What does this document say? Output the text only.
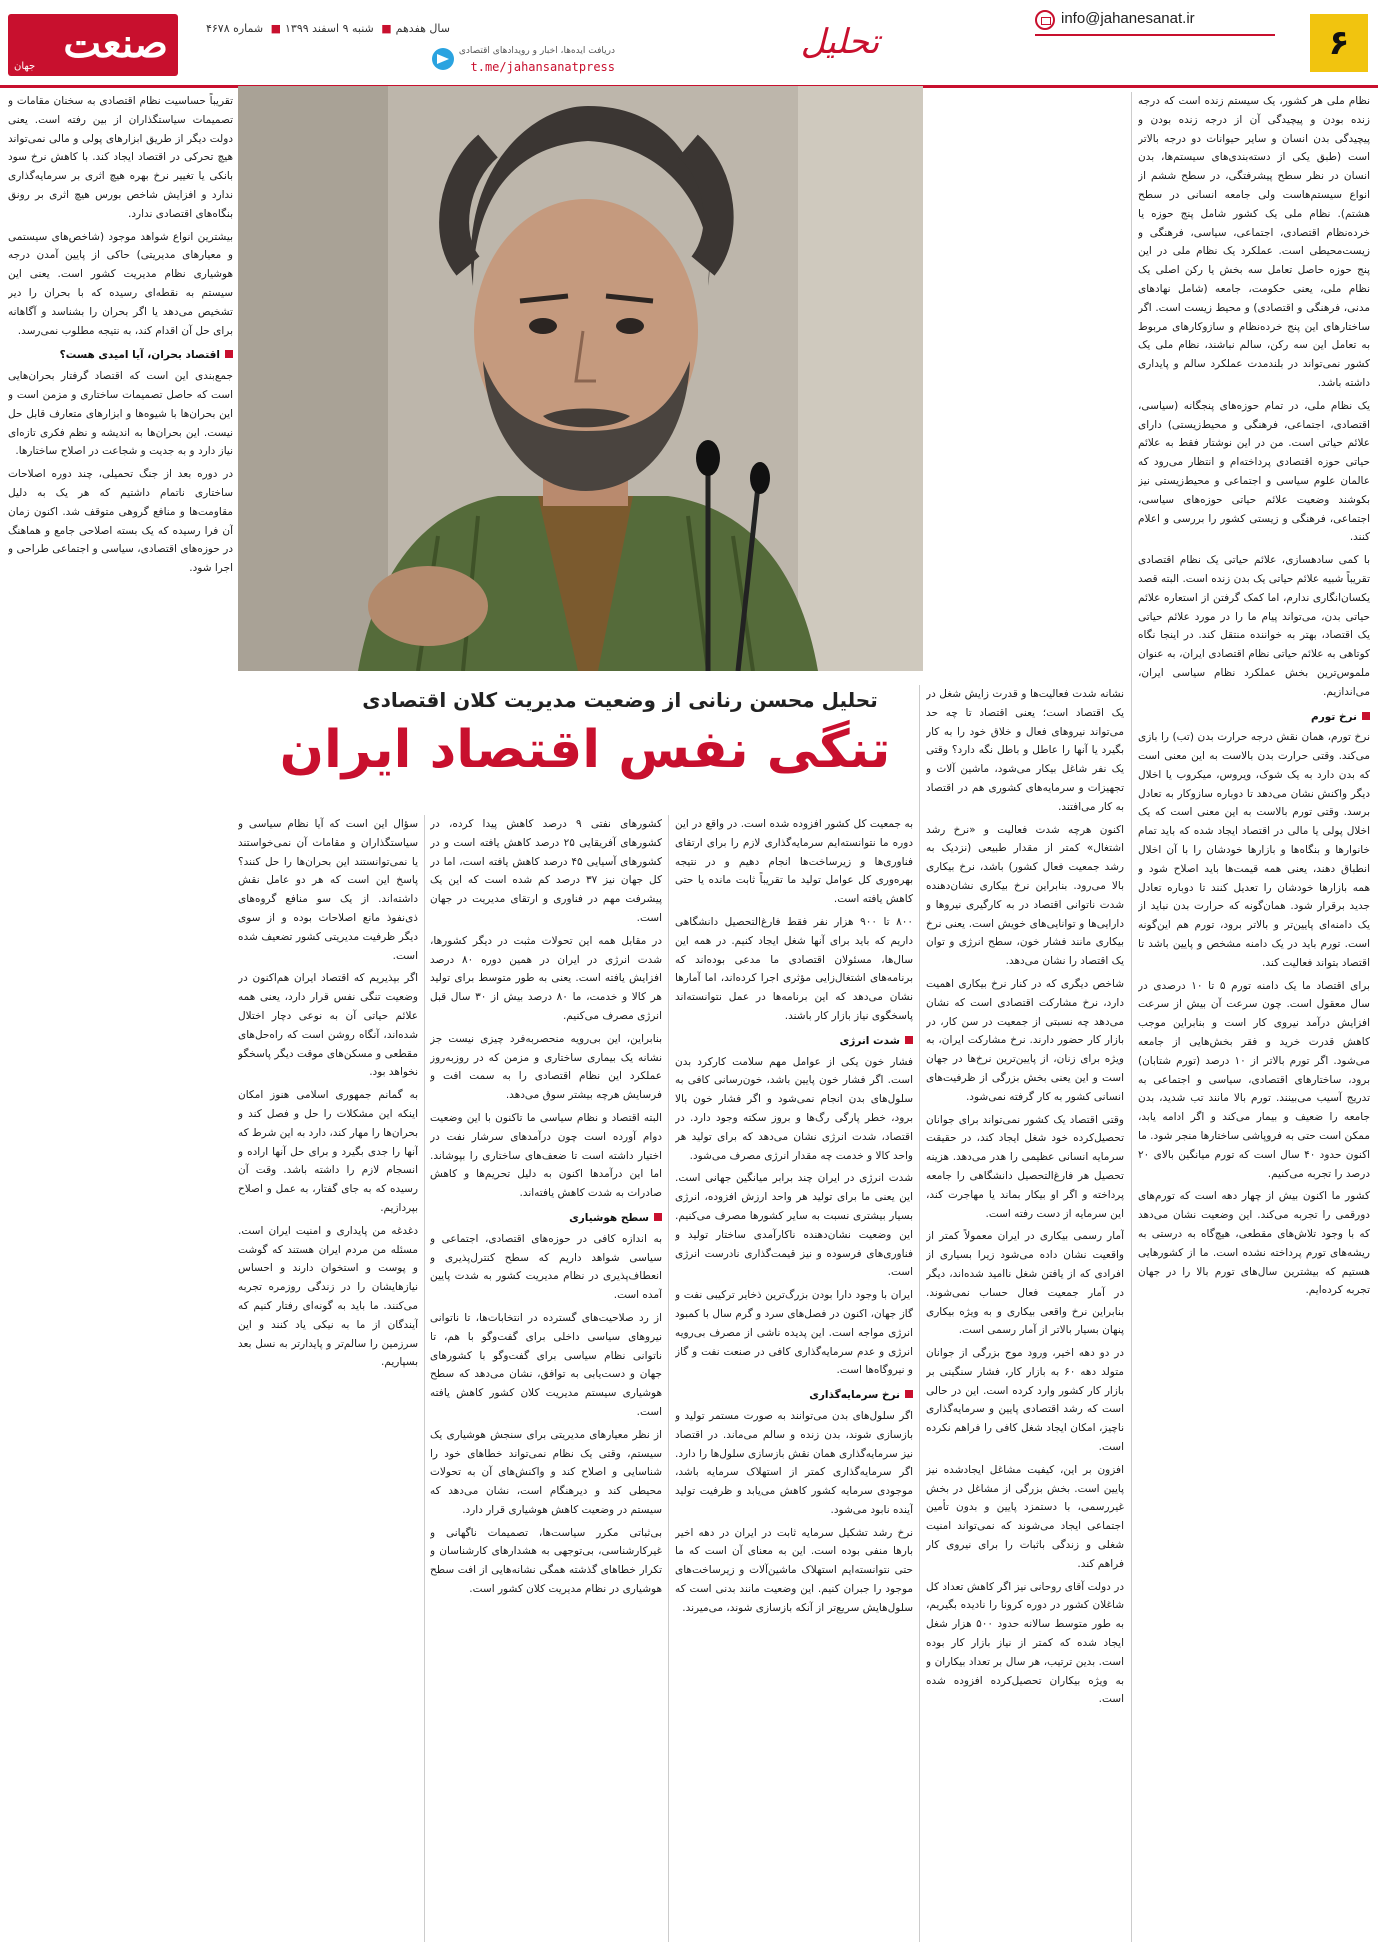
صنعت
جهان
سال هفدهم■ شنبه ۹ اسفند ۱۳۹۹■ شماره ۴۶۷۸
دریافت ایده‌ها، اخبار و رویدادهای اقتصادی
t.me/jahansanatpress
تحلیل
info@jahanesanat.ir
۶
تحلیل محسن رنانی از وضعیت مدیریت کلان اقتصادی
تنگی نفس اقتصاد ایران

نظام ملی هر کشور، یک سیستم زنده است که درجه زنده بودن و پیچیدگی آن از درجه زنده بودن و پیچیدگی بدن انسان و سایر حیوانات دو درجه بالاتر است (طبق یکی از دسته‌بندی‌های سیستم‌ها، بدن انسان در نظر سطح پیشرفتگی، در سطح ششم از انواع سیستم‌هاست ولی جامعه انسانی در سطح هشتم). نظام ملی یک کشور شامل پنج حوزه یا خرده‌نظام اقتصادی، اجتماعی، سیاسی، فرهنگی و زیست‌محیطی است. عملکرد یک نظام ملی در این پنج حوزه حاصل تعامل سه بخش یا رکن اصلی یک نظام ملی، یعنی حکومت، جامعه (شامل نهادهای مدنی، فرهنگی و اقتصادی) و محیط زیست است. اگر ساختارهای این پنج خرده‌نظام و سازوکارهای مربوط به تعامل این سه رکن، سالم نباشند، نظام ملی یک کشور نمی‌تواند در بلندمدت عملکرد سالم و پایداری داشته باشد.

یک نظام ملی، در تمام حوزه‌های پنجگانه (سیاسی، اقتصادی، اجتماعی، فرهنگی و محیط‌زیستی) دارای علائم حیاتی است. من در این نوشتار فقط به علائم حیاتی حوزه اقتصادی پرداخته‌ام و انتظار می‌رود که عالمان علوم سیاسی و اجتماعی و محیط‌زیستی نیز بکوشند وضعیت علائم حیاتی حوزه‌های سیاسی، اجتماعی، فرهنگی و زیستی کشور را بررسی و اعلام کنند.

با کمی سادهسازی، علائم حیاتی یک نظام اقتصادی تقریباً شبیه علائم حیاتی یک بدن زنده است. البته قصد یکسان‌انگاری ندارم، اما کمک گرفتن از استعاره علائم حیاتی بدن، می‌تواند پیام ما را در مورد علائم حیاتی یک اقتصاد، بهتر به خواننده منتقل کند. در اینجا نگاه کوتاهی به علائم حیاتی نظام اقتصادی ایران، به عنوان ملموس‌ترین بخش عملکرد نظام سیاسی ایران، می‌اندازیم.

نرخ تورم

نرخ تورم، همان نقش درجه حرارت بدن (تب) را بازی می‌کند. وقتی حرارت بدن بالاست به این معنی است که بدن دارد به یک شوک، ویروس، میکروب یا اخلال دیگر واکنش نشان می‌دهد تا دوباره سازوکار به تعادل برسد. وقتی تورم بالاست به این معنی است که یک اخلال پولی یا مالی در اقتصاد ایجاد شده که باید تمام خانوارها و بنگاه‌ها و بازارها خودشان را با آن اخلال انطباق دهند، یعنی همه قیمت‌ها باید اصلاح شود و همه بازارها خودشان را تعدیل کنند تا دوباره تعادل جدید برقرار شود. همان‌گونه که حرارت بدن نباید از یک دامنه‌ای پایین‌تر و بالاتر برود، تورم هم این‌گونه است. تورم باید در یک دامنه مشخص و پایین باشد تا اقتصاد بتواند فعالیت کند.

برای اقتصاد ما یک دامنه تورم ۵ تا ۱۰ درصدی در سال معقول است. چون سرعت آن بیش از سرعت افزایش درآمد نیروی کار است و بنابراین موجب کاهش قدرت خرید و فقر بخش‌هایی از جامعه می‌شود. اگر تورم بالاتر از ۱۰ درصد (تورم شتابان) برود، ساختارهای اقتصادی، سیاسی و اجتماعی به تدریج آسیب می‌بینند. تورم بالا مانند تب شدید، بدن جامعه را ضعیف و بیمار می‌کند و اگر ادامه یابد، ممکن است حتی به فروپاشی ساختارها منجر شود. ما اکنون حدود ۴۰ سال است که تورم میانگین بالای ۲۰ درصد را تجربه می‌کنیم.

کشور ما اکنون بیش از چهار دهه است که تورم‌های دورقمی را تجربه می‌کند. این وضعیت نشان می‌دهد که با وجود تلاش‌های مقطعی، هیچ‌گاه به درستی به ریشه‌های تورم پرداخته نشده است. ما از کشورهایی هستیم که بیشترین سال‌های تورم بالا را در جهان تجربه کرده‌ایم.

نشانه شدت فعالیت‌ها و قدرت زایش شغل در یک اقتصاد است؛ یعنی اقتصاد تا چه حد می‌تواند نیروهای فعال و خلاق خود را به کار بگیرد یا آنها را عاطل و باطل نگه دارد؟ وقتی یک نفر شاغل بیکار می‌شود، ماشین آلات و تجهیزات و سرمایه‌های کشوری هم در اقتصاد به کار می‌افتند.

اکنون هرچه شدت فعالیت و «نرخ رشد اشتغال» کمتر از مقدار طبیعی (نزدیک به رشد جمعیت فعال کشور) باشد، نرخ بیکاری بالا می‌رود. بنابراین نرخ بیکاری نشان‌دهنده شدت ناتوانی اقتصاد در به کارگیری نیروها و دارایی‌ها و توانایی‌های خویش است. یعنی نرخ بیکاری مانند فشار خون، سطح انرژی و توان یک اقتصاد را نشان می‌دهد.

شاخص دیگری که در کنار نرخ بیکاری اهمیت دارد، نرخ مشارکت اقتصادی است که نشان می‌دهد چه نسبتی از جمعیت در سن کار، در بازار کار حضور دارند. نرخ مشارکت ایران، به ویژه برای زنان، از پایین‌ترین نرخ‌ها در جهان است و این یعنی بخش بزرگی از ظرفیت‌های انسانی کشور به کار گرفته نمی‌شود.

وقتی اقتصاد یک کشور نمی‌تواند برای جوانان تحصیل‌کرده خود شغل ایجاد کند، در حقیقت سرمایه انسانی عظیمی را هدر می‌دهد. هزینه تحصیل هر فارغ‌التحصیل دانشگاهی را جامعه پرداخته و اگر او بیکار بماند یا مهاجرت کند، این سرمایه از دست رفته است.

آمار رسمی بیکاری در ایران معمولاً کمتر از واقعیت نشان داده می‌شود زیرا بسیاری از افرادی که از یافتن شغل ناامید شده‌اند، دیگر در آمار جمعیت فعال حساب نمی‌شوند. بنابراین نرخ واقعی بیکاری و به ویژه بیکاری پنهان بسیار بالاتر از آمار رسمی است.

در دو دهه اخیر، ورود موج بزرگی از جوانان متولد دهه ۶۰ به بازار کار، فشار سنگینی بر بازار کار کشور وارد کرده است. این در حالی است که رشد اقتصادی پایین و سرمایه‌گذاری ناچیز، امکان ایجاد شغل کافی را فراهم نکرده است.

افزون بر این، کیفیت مشاغل ایجادشده نیز پایین است. بخش بزرگی از مشاغل در بخش غیررسمی، با دستمزد پایین و بدون تأمین اجتماعی ایجاد می‌شوند که نمی‌تواند امنیت شغلی و زندگی باثبات را برای نیروی کار فراهم کند.

در دولت آقای روحانی نیز اگر کاهش تعداد کل شاغلان کشور در دوره کرونا را نادیده بگیریم، به طور متوسط سالانه حدود ۵۰۰ هزار شغل ایجاد شده که کمتر از نیاز بازار کار بوده است. بدین ترتیب، هر سال بر تعداد بیکاران و به ویژه بیکاران تحصیل‌کرده افزوده شده است.

به جمعیت کل کشور افزوده شده است. در واقع در این دوره ما نتوانسته‌ایم سرمایه‌گذاری لازم را برای ارتقای فناوری‌ها و زیرساخت‌ها انجام دهیم و در نتیجه بهره‌وری کل عوامل تولید ما تقریباً ثابت مانده یا حتی کاهش یافته است.

۸۰۰ تا ۹۰۰ هزار نفر فقط فارغ‌التحصیل دانشگاهی داریم که باید برای آنها شغل ایجاد کنیم. در همه این سال‌ها، مسئولان اقتصادی ما مدعی بوده‌اند که برنامه‌های اشتغال‌زایی مؤثری اجرا کرده‌اند، اما آمارها نشان می‌دهد که این برنامه‌ها در عمل نتوانسته‌اند پاسخگوی نیاز بازار کار باشند.

شدت انرژی

فشار خون یکی از عوامل مهم سلامت کارکرد بدن است. اگر فشار خون پایین باشد، خون‌رسانی کافی به سلول‌های بدن انجام نمی‌شود و اگر فشار خون بالا برود، خطر پارگی رگ‌ها و بروز سکته وجود دارد. در اقتصاد، شدت انرژی نشان می‌دهد که برای تولید هر واحد کالا و خدمت چه مقدار انرژی مصرف می‌شود.

شدت انرژی در ایران چند برابر میانگین جهانی است. این یعنی ما برای تولید هر واحد ارزش افزوده، انرژی بسیار بیشتری نسبت به سایر کشورها مصرف می‌کنیم. این وضعیت نشان‌دهنده ناکارآمدی ساختار تولید و فناوری‌های فرسوده و نیز قیمت‌گذاری نادرست انرژی است.

ایران با وجود دارا بودن بزرگ‌ترین ذخایر ترکیبی نفت و گاز جهان، اکنون در فصل‌های سرد و گرم سال با کمبود انرژی مواجه است. این پدیده ناشی از مصرف بی‌رویه انرژی و عدم سرمایه‌گذاری کافی در صنعت نفت و گاز و نیروگاه‌ها است.

نرخ سرمایه‌گذاری

اگر سلول‌های بدن می‌توانند به صورت مستمر تولید و بازسازی شوند، بدن زنده و سالم می‌ماند. در اقتصاد نیز سرمایه‌گذاری همان نقش بازسازی سلول‌ها را دارد. اگر سرمایه‌گذاری کمتر از استهلاک سرمایه باشد، موجودی سرمایه کشور کاهش می‌یابد و ظرفیت تولید آینده نابود می‌شود.

نرخ رشد تشکیل سرمایه ثابت در ایران در دهه اخیر بارها منفی بوده است. این به معنای آن است که ما حتی نتوانسته‌ایم استهلاک ماشین‌آلات و زیرساخت‌های موجود را جبران کنیم. این وضعیت مانند بدنی است که سلول‌هایش سریع‌تر از آنکه بازسازی شوند، می‌میرند.

کشورهای نفتی ۹ درصد کاهش پیدا کرده، در کشورهای آفریقایی ۲۵ درصد کاهش یافته است و در کشورهای آسیایی ۴۵ درصد کاهش یافته است، اما در کل جهان نیز ۳۷ درصد کم شده است که این یک پیشرفت مهم در فناوری و ارتقای مدیریت در جهان است.

در مقابل همه این تحولات مثبت در دیگر کشورها، شدت انرژی در ایران در همین دوره ۸۰ درصد افزایش یافته است. یعنی به طور متوسط برای تولید هر کالا و خدمت، ما ۸۰ درصد بیش از ۳۰ سال قبل انرژی مصرف می‌کنیم.

بنابراین، این بی‌رویه منحصربه‌فرد چیزی نیست جز نشانه یک بیماری ساختاری و مزمن که در روزبه‌روز عملکرد این نظام اقتصادی را به سمت افت و فرسایش هرچه بیشتر سوق می‌دهد.

البته اقتصاد و نظام سیاسی ما تاکنون با این وضعیت دوام آورده است چون درآمدهای سرشار نفت در اختیار داشته است تا ضعف‌های ساختاری را بپوشاند. اما این درآمدها اکنون به دلیل تحریم‌ها و کاهش صادرات به شدت کاهش یافته‌اند.

سطح هوشیاری

به اندازه کافی در حوزه‌های اقتصادی، اجتماعی و سیاسی شواهد داریم که سطح کنترل‌پذیری و انعطاف‌پذیری در نظام مدیریت کشور به شدت پایین آمده است.

از رد صلاحیت‌های گسترده در انتخابات‌ها، تا ناتوانی نیروهای سیاسی داخلی برای گفت‌وگو با هم، تا ناتوانی نظام سیاسی برای گفت‌وگو با کشورهای جهان و دست‌یابی به توافق، نشان می‌دهد که سطح هوشیاری سیستم مدیریت کلان کشور کاهش یافته است.

از نظر معیارهای مدیریتی برای سنجش هوشیاری یک سیستم، وقتی یک نظام نمی‌تواند خطاهای خود را شناسایی و اصلاح کند و واکنش‌های آن به تحولات محیطی کند و دیرهنگام است، نشان می‌دهد که سیستم در وضعیت کاهش هوشیاری قرار دارد.

بی‌ثباتی مکرر سیاست‌ها، تصمیمات ناگهانی و غیرکارشناسی، بی‌توجهی به هشدارهای کارشناسان و تکرار خطاهای گذشته همگی نشانه‌هایی از افت سطح هوشیاری در نظام مدیریت کلان کشور است.

تقریباً حساسیت نظام اقتصادی به سخنان مقامات و تصمیمات سیاستگذاران از بین رفته است. یعنی دولت دیگر از طریق ابزارهای پولی و مالی نمی‌تواند هیچ تحرکی در اقتصاد ایجاد کند. با کاهش نرخ سود بانکی یا تغییر نرخ بهره هیچ اثری بر سرمایه‌گذاری ندارد و افزایش شاخص بورس هیچ اثری بر رونق بنگاه‌های اقتصادی ندارد.

بیشترین انواع شواهد موجود (شاخص‌های سیستمی و معیارهای مدیریتی) حاکی از پایین آمدن درجه هوشیاری نظام مدیریت کشور است. یعنی این سیستم به نقطه‌ای رسیده که با بحران را دیر تشخیص می‌دهد یا اگر بحران را بشناسد و آگاهانه برای حل آن اقدام کند، به نتیجه مطلوب نمی‌رسد.

اقتصاد بحران، آیا امیدی هست؟

جمع‌بندی این است که اقتصاد گرفتار بحران‌هایی است که حاصل تصمیمات ساختاری و مزمن است و این بحران‌ها با شیوه‌ها و ابزارهای متعارف قابل حل نیست. این بحران‌ها به اندیشه و نظم فکری تازه‌ای نیاز دارد و به جدیت و شجاعت در اصلاح ساختارها.

در دوره بعد از جنگ تحمیلی، چند دوره اصلاحات ساختاری ناتمام داشتیم که هر یک به دلیل مقاومت‌ها و منافع گروهی متوقف شد. اکنون زمان آن فرا رسیده که یک بسته اصلاحی جامع و هماهنگ در حوزه‌های اقتصادی، سیاسی و اجتماعی طراحی و اجرا شود.

سؤال این است که آیا نظام سیاسی و سیاستگذاران و مقامات آن نمی‌خواستند یا نمی‌توانستند این بحران‌ها را حل کنند؟ پاسخ این است که هر دو عامل نقش داشته‌اند. از یک سو منافع گروه‌های ذی‌نفوذ مانع اصلاحات بوده و از سوی دیگر ظرفیت مدیریتی کشور تضعیف شده است.

اگر بپذیریم که اقتصاد ایران هم‌اکنون در وضعیت تنگی نفس قرار دارد، یعنی همه علائم حیاتی آن به نوعی دچار اختلال شده‌اند، آنگاه روشن است که راه‌حل‌های مقطعی و مسکن‌های موقت دیگر پاسخگو نخواهد بود.

به گمانم جمهوری اسلامی هنوز امکان اینکه این مشکلات را حل و فصل کند و بحران‌ها را مهار کند، دارد به این شرط که آنها را جدی بگیرد و برای حل آنها اراده و انسجام لازم را داشته باشد. وقت آن رسیده که به جای گفتار، به عمل و اصلاح بپردازیم.

دغدغه من پایداری و امنیت ایران است. مسئله من مردم ایران هستند که گوشت و پوست و استخوان دارند و احساس نیازهایشان را در زندگی روزمره تجربه می‌کنند. ما باید به گونه‌ای رفتار کنیم که آیندگان از ما به نیکی یاد کنند و این سرزمین را سالم‌تر و پایدارتر به نسل بعد بسپاریم.
